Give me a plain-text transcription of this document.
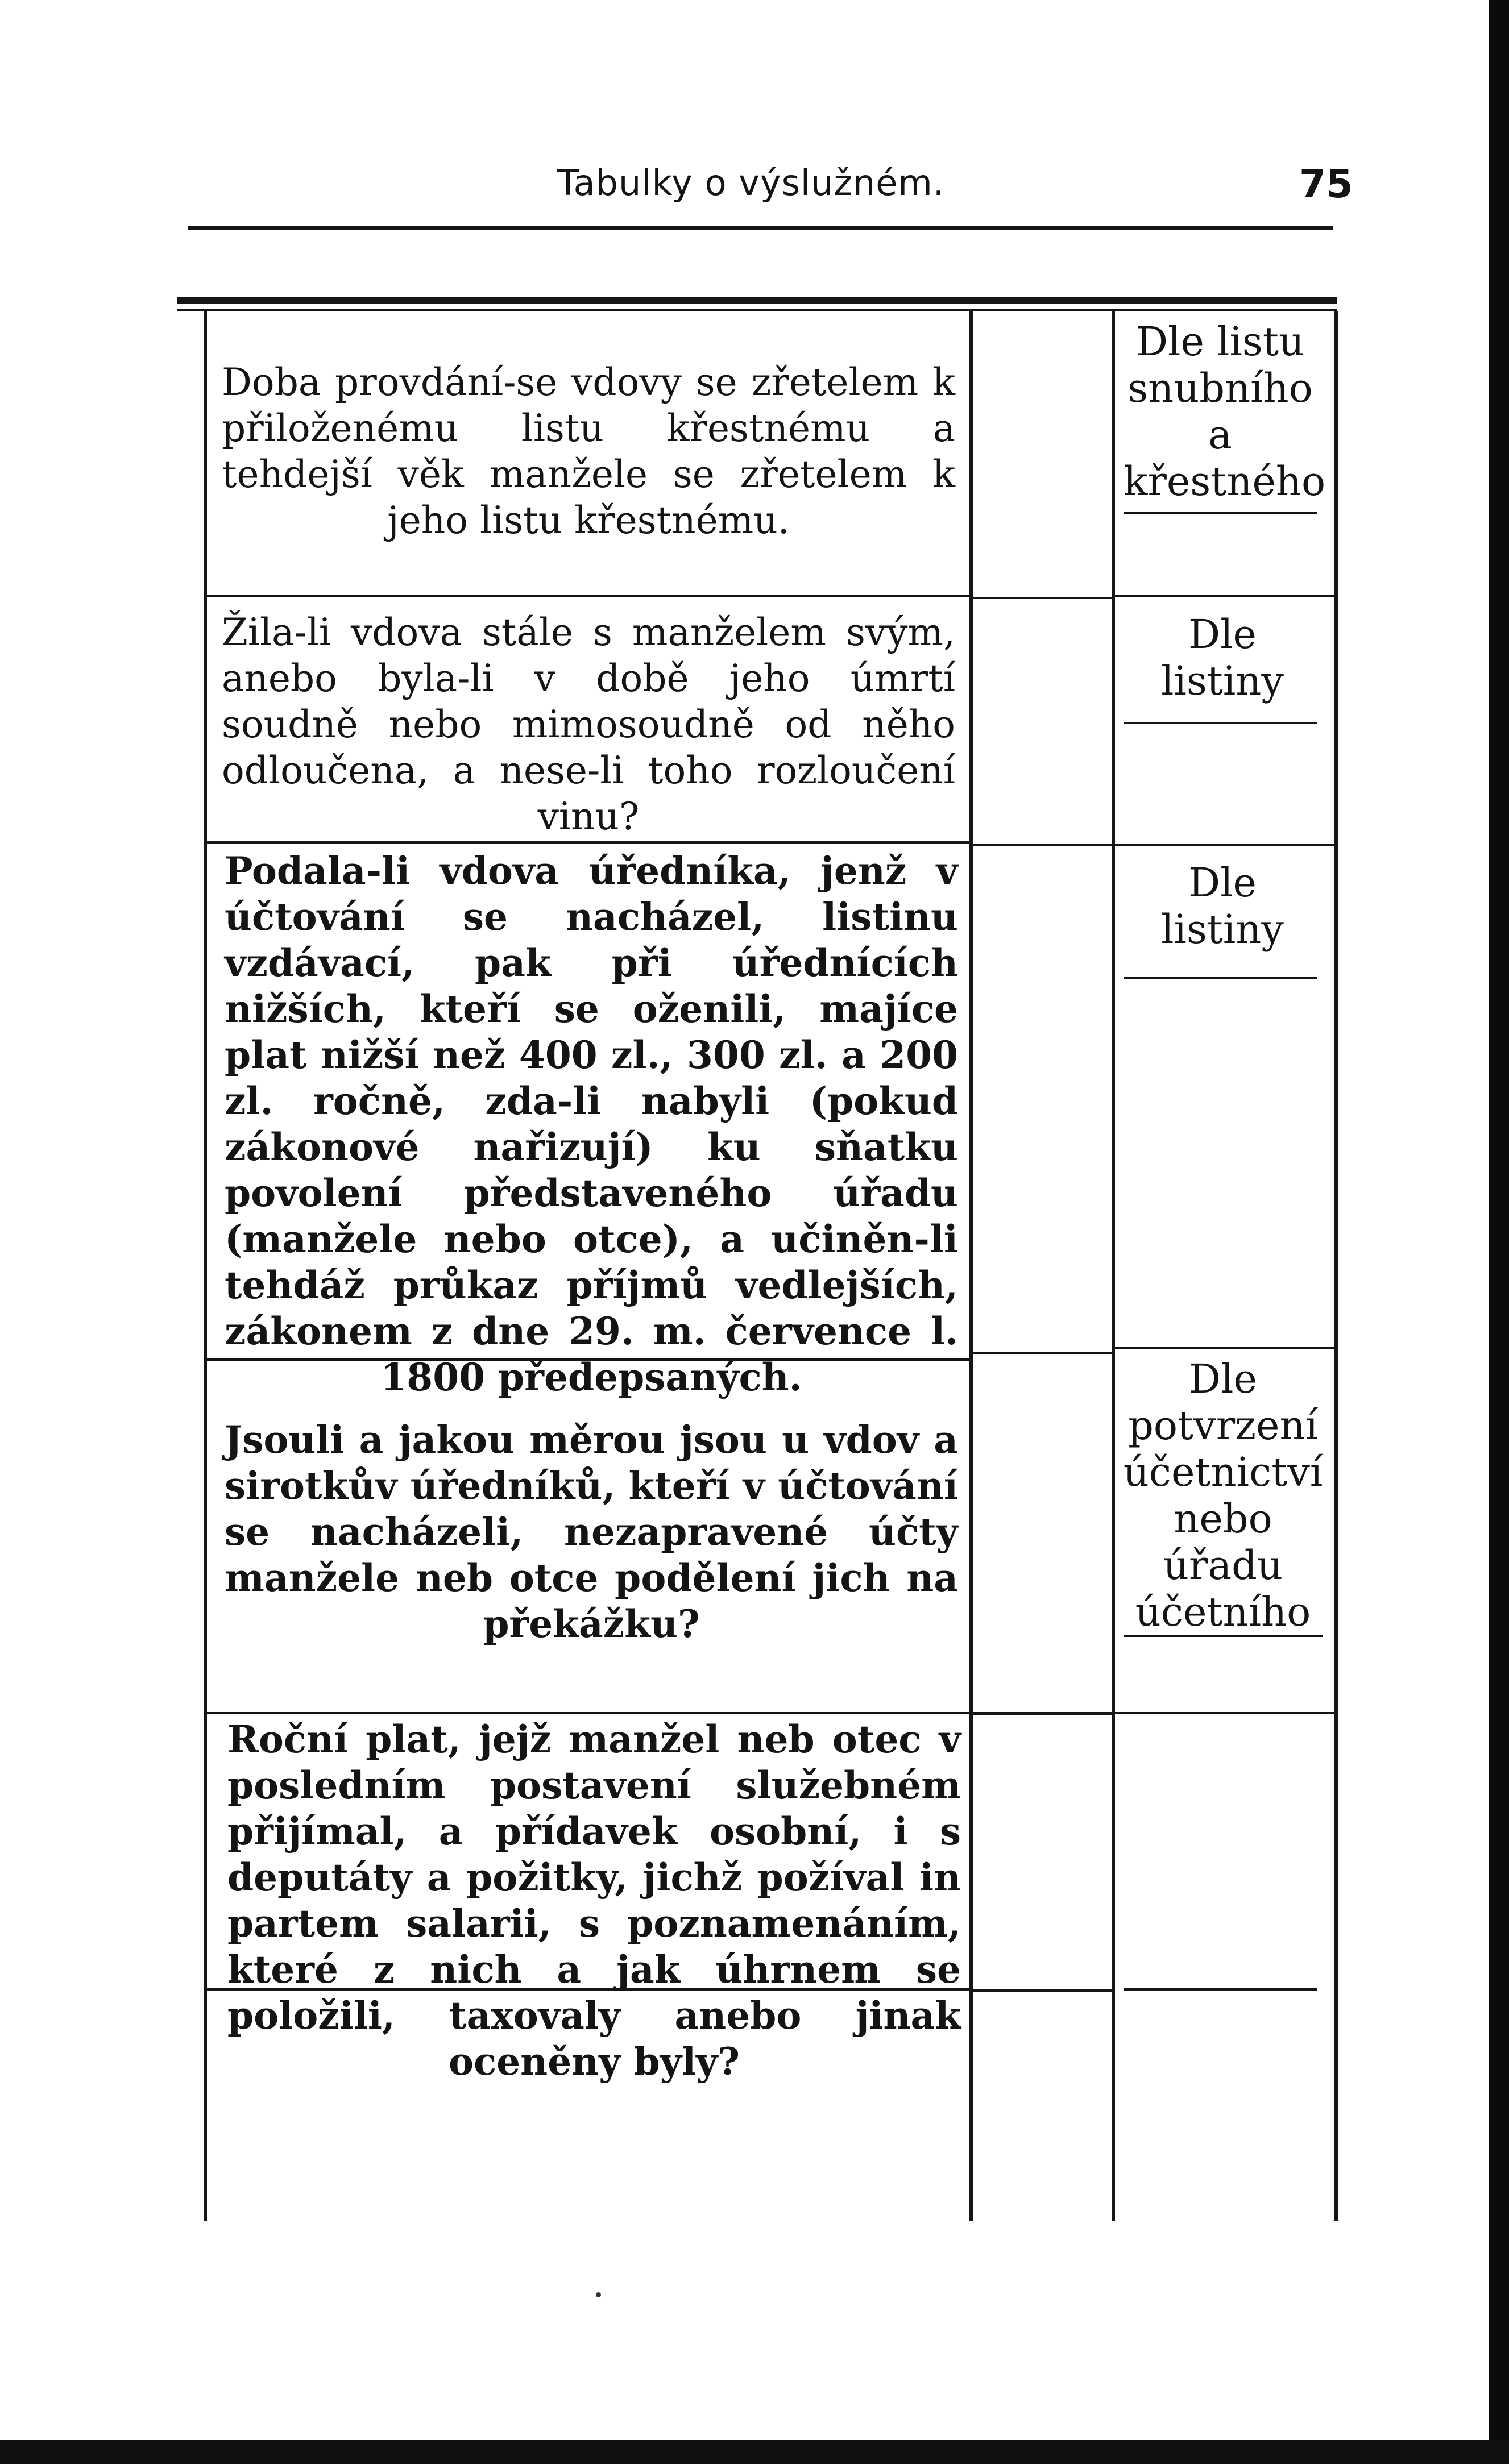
Tabulky o výslužném.	75

Doba provdání-se vdovy se zřetelem k přiloženému listu křestnému a tehdejší věk manžele se zřetelem k jeho listu křestnému.

Dle listu snubního a křestného

Žila-li vdova stále s manželem svým, anebo byla-li v době jeho úmrtí soudně nebo mimosoudně od něho odloučena, a nese-li toho rozloučení vinu?

Dle listiny

Podala-li vdova úředníka, jenž v účtování se nacházel, listinu vzdávací, pak při úřednících nižších, kteří se oženili, majíce plat nižší než 400 zl., 300 zl. a 200 zl. ročně, zda-li nabyli (pokud zákonové nařizují) ku sňatku povolení představeného úřadu (manžele nebo otce), a učiněn-li tehdáž průkaz příjmů vedlejších, zákonem z dne 29. m. července l. 1800 předepsaných.

Dle listiny

Jsouli a jakou měrou jsou u vdov a sirotkův úředníků, kteří v účtování se nacházeli, nezapravené účty manžele neb otce podělení jich na překážku?

Dle potvrzení účetnictví nebo úřadu účetního

Roční plat, jejž manžel neb otec v posledním postavení služebném přijímal, a přídavek osobní, i s deputáty a požitky, jichž požíval in partem salarii, s poznamenáním, které z nich a jak úhrnem se položili, taxovaly anebo jinak oceněny byly?
